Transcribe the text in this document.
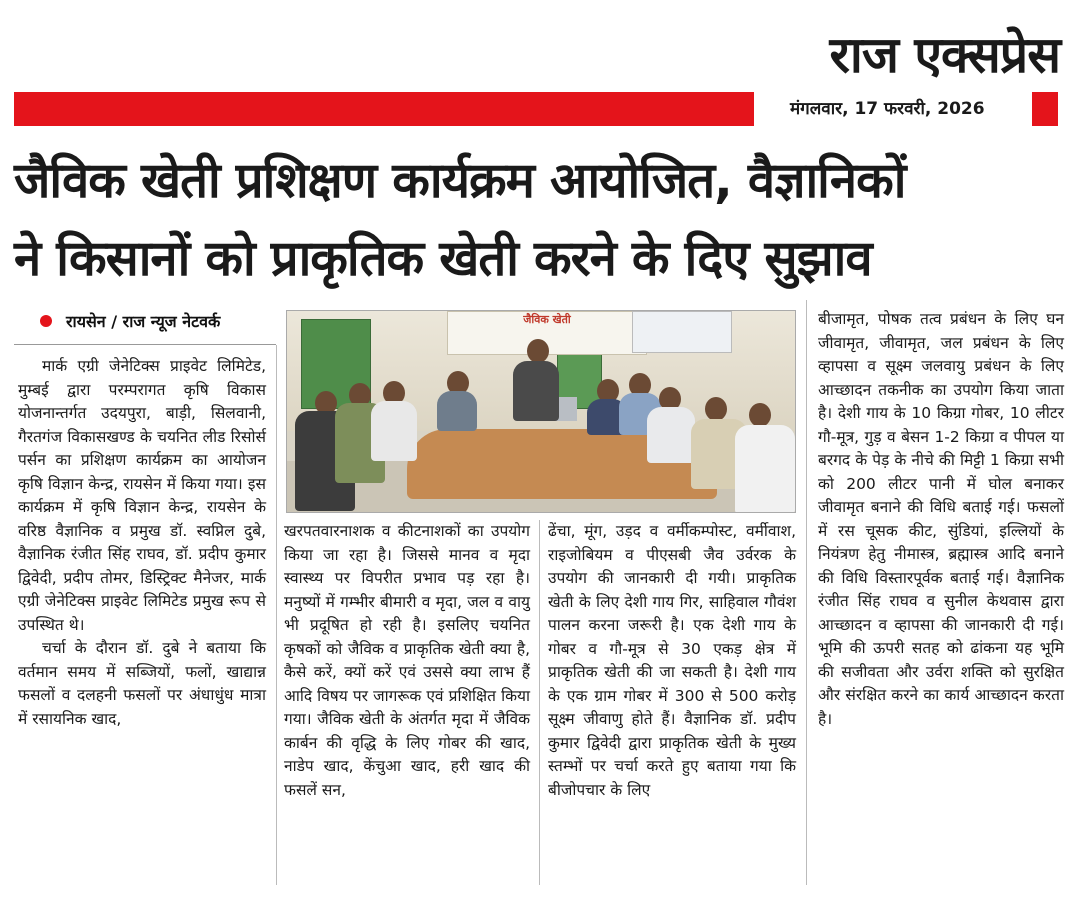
राज एक्सप्रेस
मंगलवार, 17 फरवरी, 2026
जैविक खेती प्रशिक्षण कार्यक्रम आयोजित, वैज्ञानिकों
ने किसानों को प्राकृतिक खेती करने के दिए सुझाव
रायसेन / राज न्यूज नेटवर्क

मार्क एग्री जेनेटिक्स प्राइवेट लिमिटेड, मुम्बई द्वारा परम्परागत कृषि विकास योजनान्तर्गत उदयपुरा, बाड़ी, सिलवानी, गैरतगंज विकासखण्ड के चयनित लीड रिसोर्स पर्सन का प्रशिक्षण कार्यक्रम का आयोजन कृषि विज्ञान केन्द्र, रायसेन में किया गया। इस कार्यक्रम में कृषि विज्ञान केन्द्र, रायसेन के वरिष्ठ वैज्ञानिक व प्रमुख डॉ. स्वप्निल दुबे, वैज्ञानिक रंजीत सिंह राघव, डॉ. प्रदीप कुमार द्विवेदी, प्रदीप तोमर, डिस्ट्रिक्ट मैनेजर, मार्क एग्री जेनेटिक्स प्राइवेट लिमिटेड प्रमुख रूप से उपस्थित थे।

चर्चा के दौरान डॉ. दुबे ने बताया कि वर्तमान समय में सब्जियों, फलों, खाद्यान्न फसलों व दलहनी फसलों पर अंधाधुंध मात्रा में रसायनिक खाद,

जैविक खेती

खरपतवारनाशक व कीटनाशकों का उपयोग किया जा रहा है। जिससे मानव व मृदा स्वास्थ्य पर विपरीत प्रभाव पड़ रहा है। मनुष्यों में गम्भीर बीमारी व मृदा, जल व वायु भी प्रदूषित हो रही है। इसलिए चयनित कृषकों को जैविक व प्राकृतिक खेती क्या है, कैसे करें, क्यों करें एवं उससे क्या लाभ हैं आदि विषय पर जागरूक एवं प्रशिक्षित किया गया। जैविक खेती के अंतर्गत मृदा में जैविक कार्बन की वृद्धि के लिए गोबर की खाद, नाडेप खाद, केंचुआ खाद, हरी खाद की फसलें सन,

ढेंचा, मूंग, उड़द व वर्मीकम्पोस्ट, वर्मीवाश, राइजोबियम व पीएसबी जैव उर्वरक के उपयोग की जानकारी दी गयी। प्राकृतिक खेती के लिए देशी गाय गिर, साहिवाल गौवंश पालन करना जरूरी है। एक देशी गाय के गोबर व गौ-मूत्र से 30 एकड़ क्षेत्र में प्राकृतिक खेती की जा सकती है। देशी गाय के एक ग्राम गोबर में 300 से 500 करोड़ सूक्ष्म जीवाणु होते हैं। वैज्ञानिक डॉ. प्रदीप कुमार द्विवेदी द्वारा प्राकृतिक खेती के मुख्य स्तम्भों पर चर्चा करते हुए बताया गया कि बीजोपचार के लिए

बीजामृत, पोषक तत्व प्रबंधन के लिए घन जीवामृत, जीवामृत, जल प्रबंधन के लिए व्हापसा व सूक्ष्म जलवायु प्रबंधन के लिए आच्छादन तकनीक का उपयोग किया जाता है। देशी गाय के 10 किग्रा गोबर, 10 लीटर गौ-मूत्र, गुड़ व बेसन 1-2 किग्रा व पीपल या बरगद के पेड़ के नीचे की मिट्टी 1 किग्रा सभी को 200 लीटर पानी में घोल बनाकर जीवामृत बनाने की विधि बताई गई। फसलों में रस चूसक कीट, सुंडियां, इल्लियों के नियंत्रण हेतु नीमास्त्र, ब्रह्मास्त्र आदि बनाने की विधि विस्तारपूर्वक बताई गई। वैज्ञानिक रंजीत सिंह राघव व सुनील केथवास द्वारा आच्छादन व व्हापसा की जानकारी दी गई। भूमि की ऊपरी सतह को ढांकना यह भूमि की सजीवता और उर्वरा शक्ति को सुरक्षित और संरक्षित करने का कार्य आच्छादन करता है।
